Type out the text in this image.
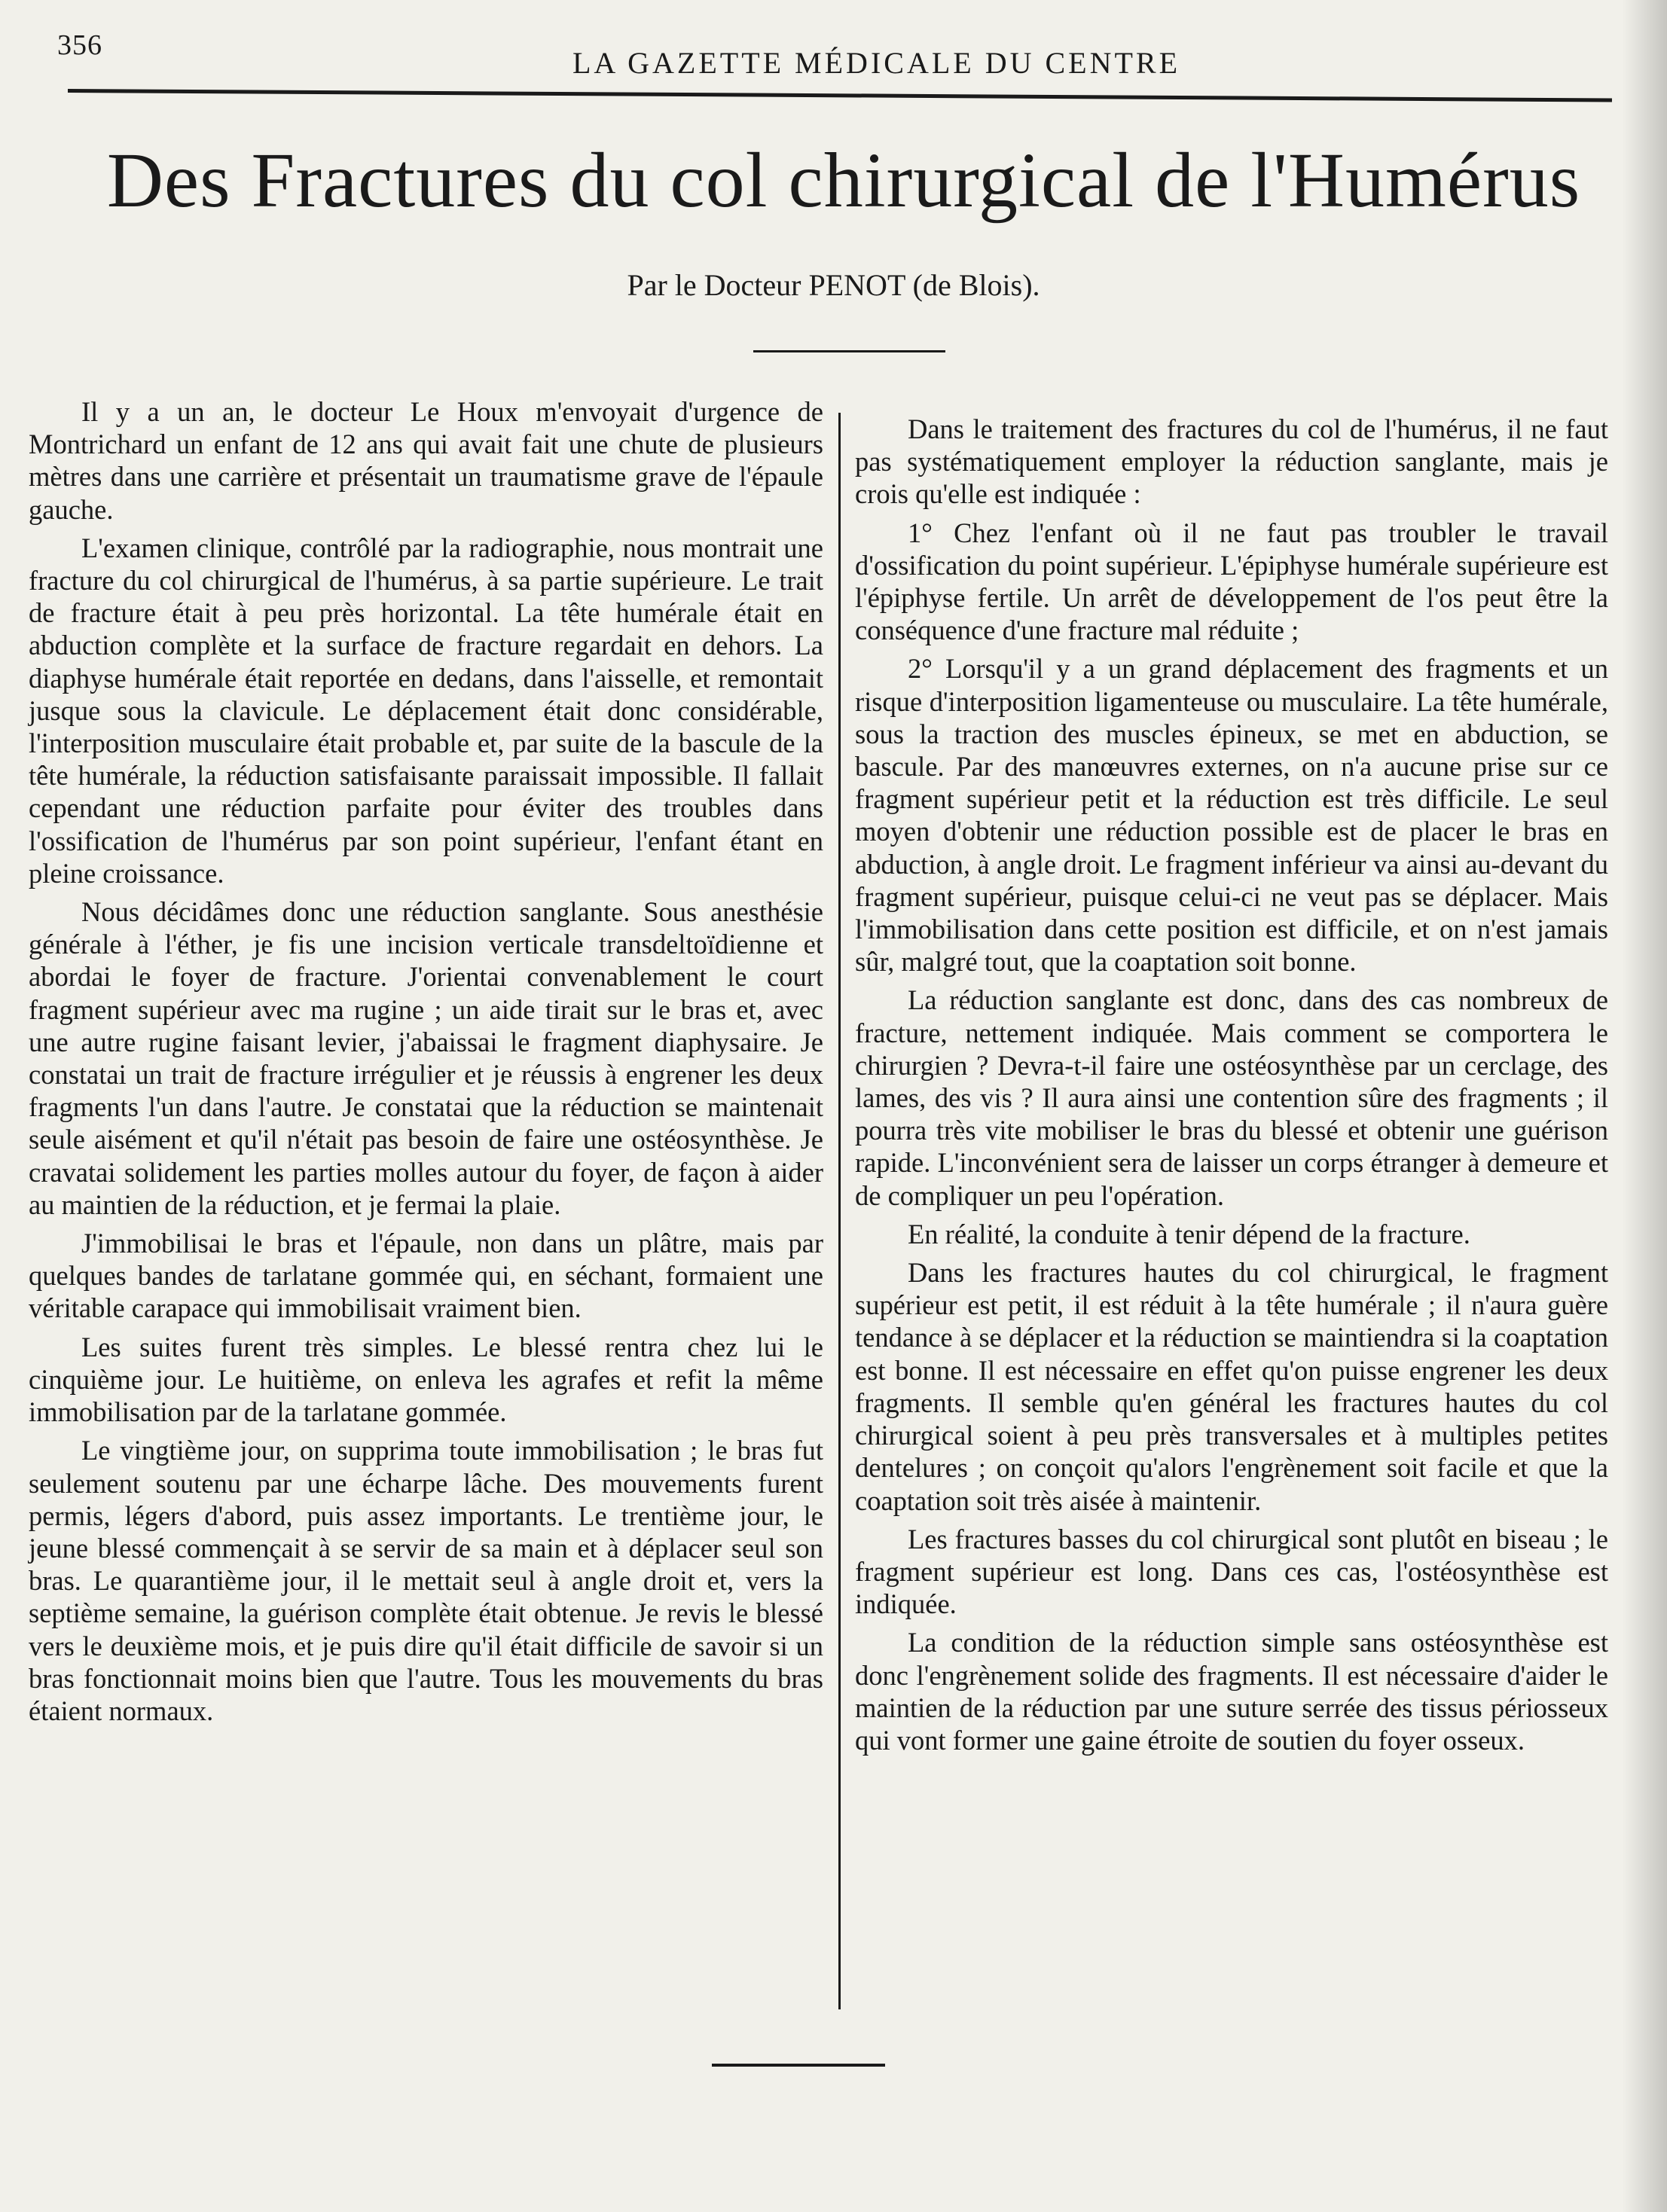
356
LA GAZETTE MÉDICALE DU CENTRE
Des Fractures du col chirurgical de l'Humérus
Par le Docteur PENOT (de Blois).

Il y a un an, le docteur Le Houx m'envoyait d'urgence de Montrichard un enfant de 12 ans qui avait fait une chute de plusieurs mètres dans une carrière et présentait un traumatisme grave de l'épaule gauche.

L'examen clinique, contrôlé par la radiographie, nous montrait une fracture du col chirurgical de l'humérus, à sa partie supérieure. Le trait de fracture était à peu près horizontal. La tête humérale était en abduction complète et la surface de fracture regardait en dehors. La diaphyse humérale était reportée en dedans, dans l'aisselle, et remontait jusque sous la clavicule. Le déplacement était donc considérable, l'interposition musculaire était probable et, par suite de la bascule de la tête humérale, la réduction satisfaisante paraissait impossible. Il fallait cependant une réduction parfaite pour éviter des troubles dans l'ossification de l'humérus par son point supérieur, l'enfant étant en pleine croissance.

Nous décidâmes donc une réduction sanglante. Sous anesthésie générale à l'éther, je fis une incision verticale transdeltoïdienne et abordai le foyer de fracture. J'orientai convenablement le court fragment supérieur avec ma rugine ; un aide tirait sur le bras et, avec une autre rugine faisant levier, j'abaissai le fragment diaphysaire. Je constatai un trait de fracture irrégulier et je réussis à engrener les deux fragments l'un dans l'autre. Je constatai que la réduction se maintenait seule aisément et qu'il n'était pas besoin de faire une ostéosynthèse. Je cravatai solidement les parties molles autour du foyer, de façon à aider au maintien de la réduction, et je fermai la plaie.

J'immobilisai le bras et l'épaule, non dans un plâtre, mais par quelques bandes de tarlatane gommée qui, en séchant, formaient une véritable carapace qui immobilisait vraiment bien.

Les suites furent très simples. Le blessé rentra chez lui le cinquième jour. Le huitième, on enleva les agrafes et refit la même immobilisation par de la tarlatane gommée.

Le vingtième jour, on supprima toute immobilisation ; le bras fut seulement soutenu par une écharpe lâche. Des mouvements furent permis, légers d'abord, puis assez importants. Le trentième jour, le jeune blessé commençait à se servir de sa main et à déplacer seul son bras. Le quarantième jour, il le mettait seul à angle droit et, vers la septième semaine, la guérison complète était obtenue. Je revis le blessé vers le deuxième mois, et je puis dire qu'il était difficile de savoir si un bras fonctionnait moins bien que l'autre. Tous les mouvements du bras étaient normaux.

Dans le traitement des fractures du col de l'humérus, il ne faut pas systématiquement employer la réduction sanglante, mais je crois qu'elle est indiquée :

1° Chez l'enfant où il ne faut pas troubler le travail d'ossification du point supérieur. L'épiphyse humérale supérieure est l'épiphyse fertile. Un arrêt de développement de l'os peut être la conséquence d'une fracture mal réduite ;

2° Lorsqu'il y a un grand déplacement des fragments et un risque d'interposition ligamenteuse ou musculaire. La tête humérale, sous la traction des muscles épineux, se met en abduction, se bascule. Par des manœuvres externes, on n'a aucune prise sur ce fragment supérieur petit et la réduction est très difficile. Le seul moyen d'obtenir une réduction possible est de placer le bras en abduction, à angle droit. Le fragment inférieur va ainsi au-devant du fragment supérieur, puisque celui-ci ne veut pas se déplacer. Mais l'immobilisation dans cette position est difficile, et on n'est jamais sûr, malgré tout, que la coaptation soit bonne.

La réduction sanglante est donc, dans des cas nombreux de fracture, nettement indiquée. Mais comment se comportera le chirurgien ? Devra-t-il faire une ostéosynthèse par un cerclage, des lames, des vis ? Il aura ainsi une contention sûre des fragments ; il pourra très vite mobiliser le bras du blessé et obtenir une guérison rapide. L'inconvénient sera de laisser un corps étranger à demeure et de compliquer un peu l'opération.

En réalité, la conduite à tenir dépend de la fracture.

Dans les fractures hautes du col chirurgical, le fragment supérieur est petit, il est réduit à la tête humérale ; il n'aura guère tendance à se déplacer et la réduction se maintiendra si la coaptation est bonne. Il est nécessaire en effet qu'on puisse engrener les deux fragments. Il semble qu'en général les fractures hautes du col chirurgical soient à peu près transversales et à multiples petites dentelures ; on conçoit qu'alors l'engrènement soit facile et que la coaptation soit très aisée à maintenir.

Les fractures basses du col chirurgical sont plutôt en biseau ; le fragment supérieur est long. Dans ces cas, l'ostéosynthèse est indiquée.

La condition de la réduction simple sans ostéosynthèse est donc l'engrènement solide des fragments. Il est nécessaire d'aider le maintien de la réduction par une suture serrée des tissus périosseux qui vont former une gaine étroite de soutien du foyer osseux.
